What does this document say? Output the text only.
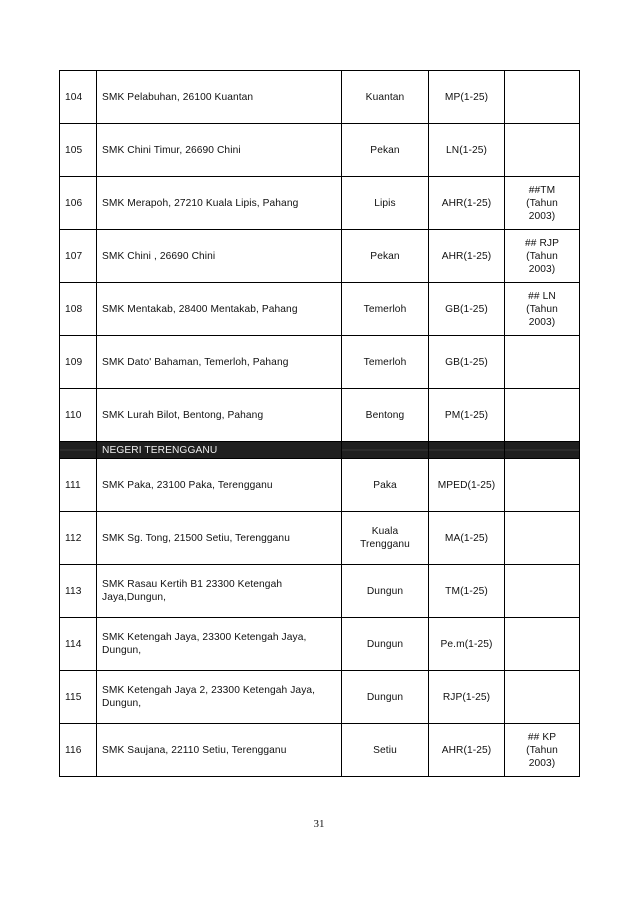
104	SMK Pelabuhan, 26100 Kuantan	Kuantan	MP(1-25)	
105	SMK Chini Timur, 26690 Chini	Pekan	LN(1-25)	
106	SMK Merapoh, 27210 Kuala Lipis, Pahang	Lipis	AHR(1-25)	##TM
(Tahun
2003)
107	SMK Chini , 26690 Chini	Pekan	AHR(1-25)	## RJP
(Tahun
2003)
108	SMK Mentakab, 28400 Mentakab, Pahang	Temerloh	GB(1-25)	## LN
(Tahun
2003)
109	SMK Dato' Bahaman, Temerloh, Pahang	Temerloh	GB(1-25)	
110	SMK Lurah Bilot, Bentong, Pahang	Bentong	PM(1-25)	
	NEGERI TERENGGANU			
111	SMK Paka, 23100 Paka, Terengganu	Paka	MPED(1-25)	
112	SMK Sg. Tong, 21500 Setiu, Terengganu	Kuala
Trengganu	MA(1-25)	
113	SMK Rasau Kertih B1 23300 Ketengah
Jaya,Dungun,	Dungun	TM(1-25)	
114	SMK Ketengah Jaya, 23300 Ketengah Jaya,
Dungun,	Dungun	Pe.m(1-25)	
115	SMK Ketengah Jaya 2, 23300 Ketengah Jaya,
Dungun,	Dungun	RJP(1-25)	
116	SMK Saujana, 22110 Setiu, Terengganu	Setiu	AHR(1-25)	## KP
(Tahun
2003)
31
